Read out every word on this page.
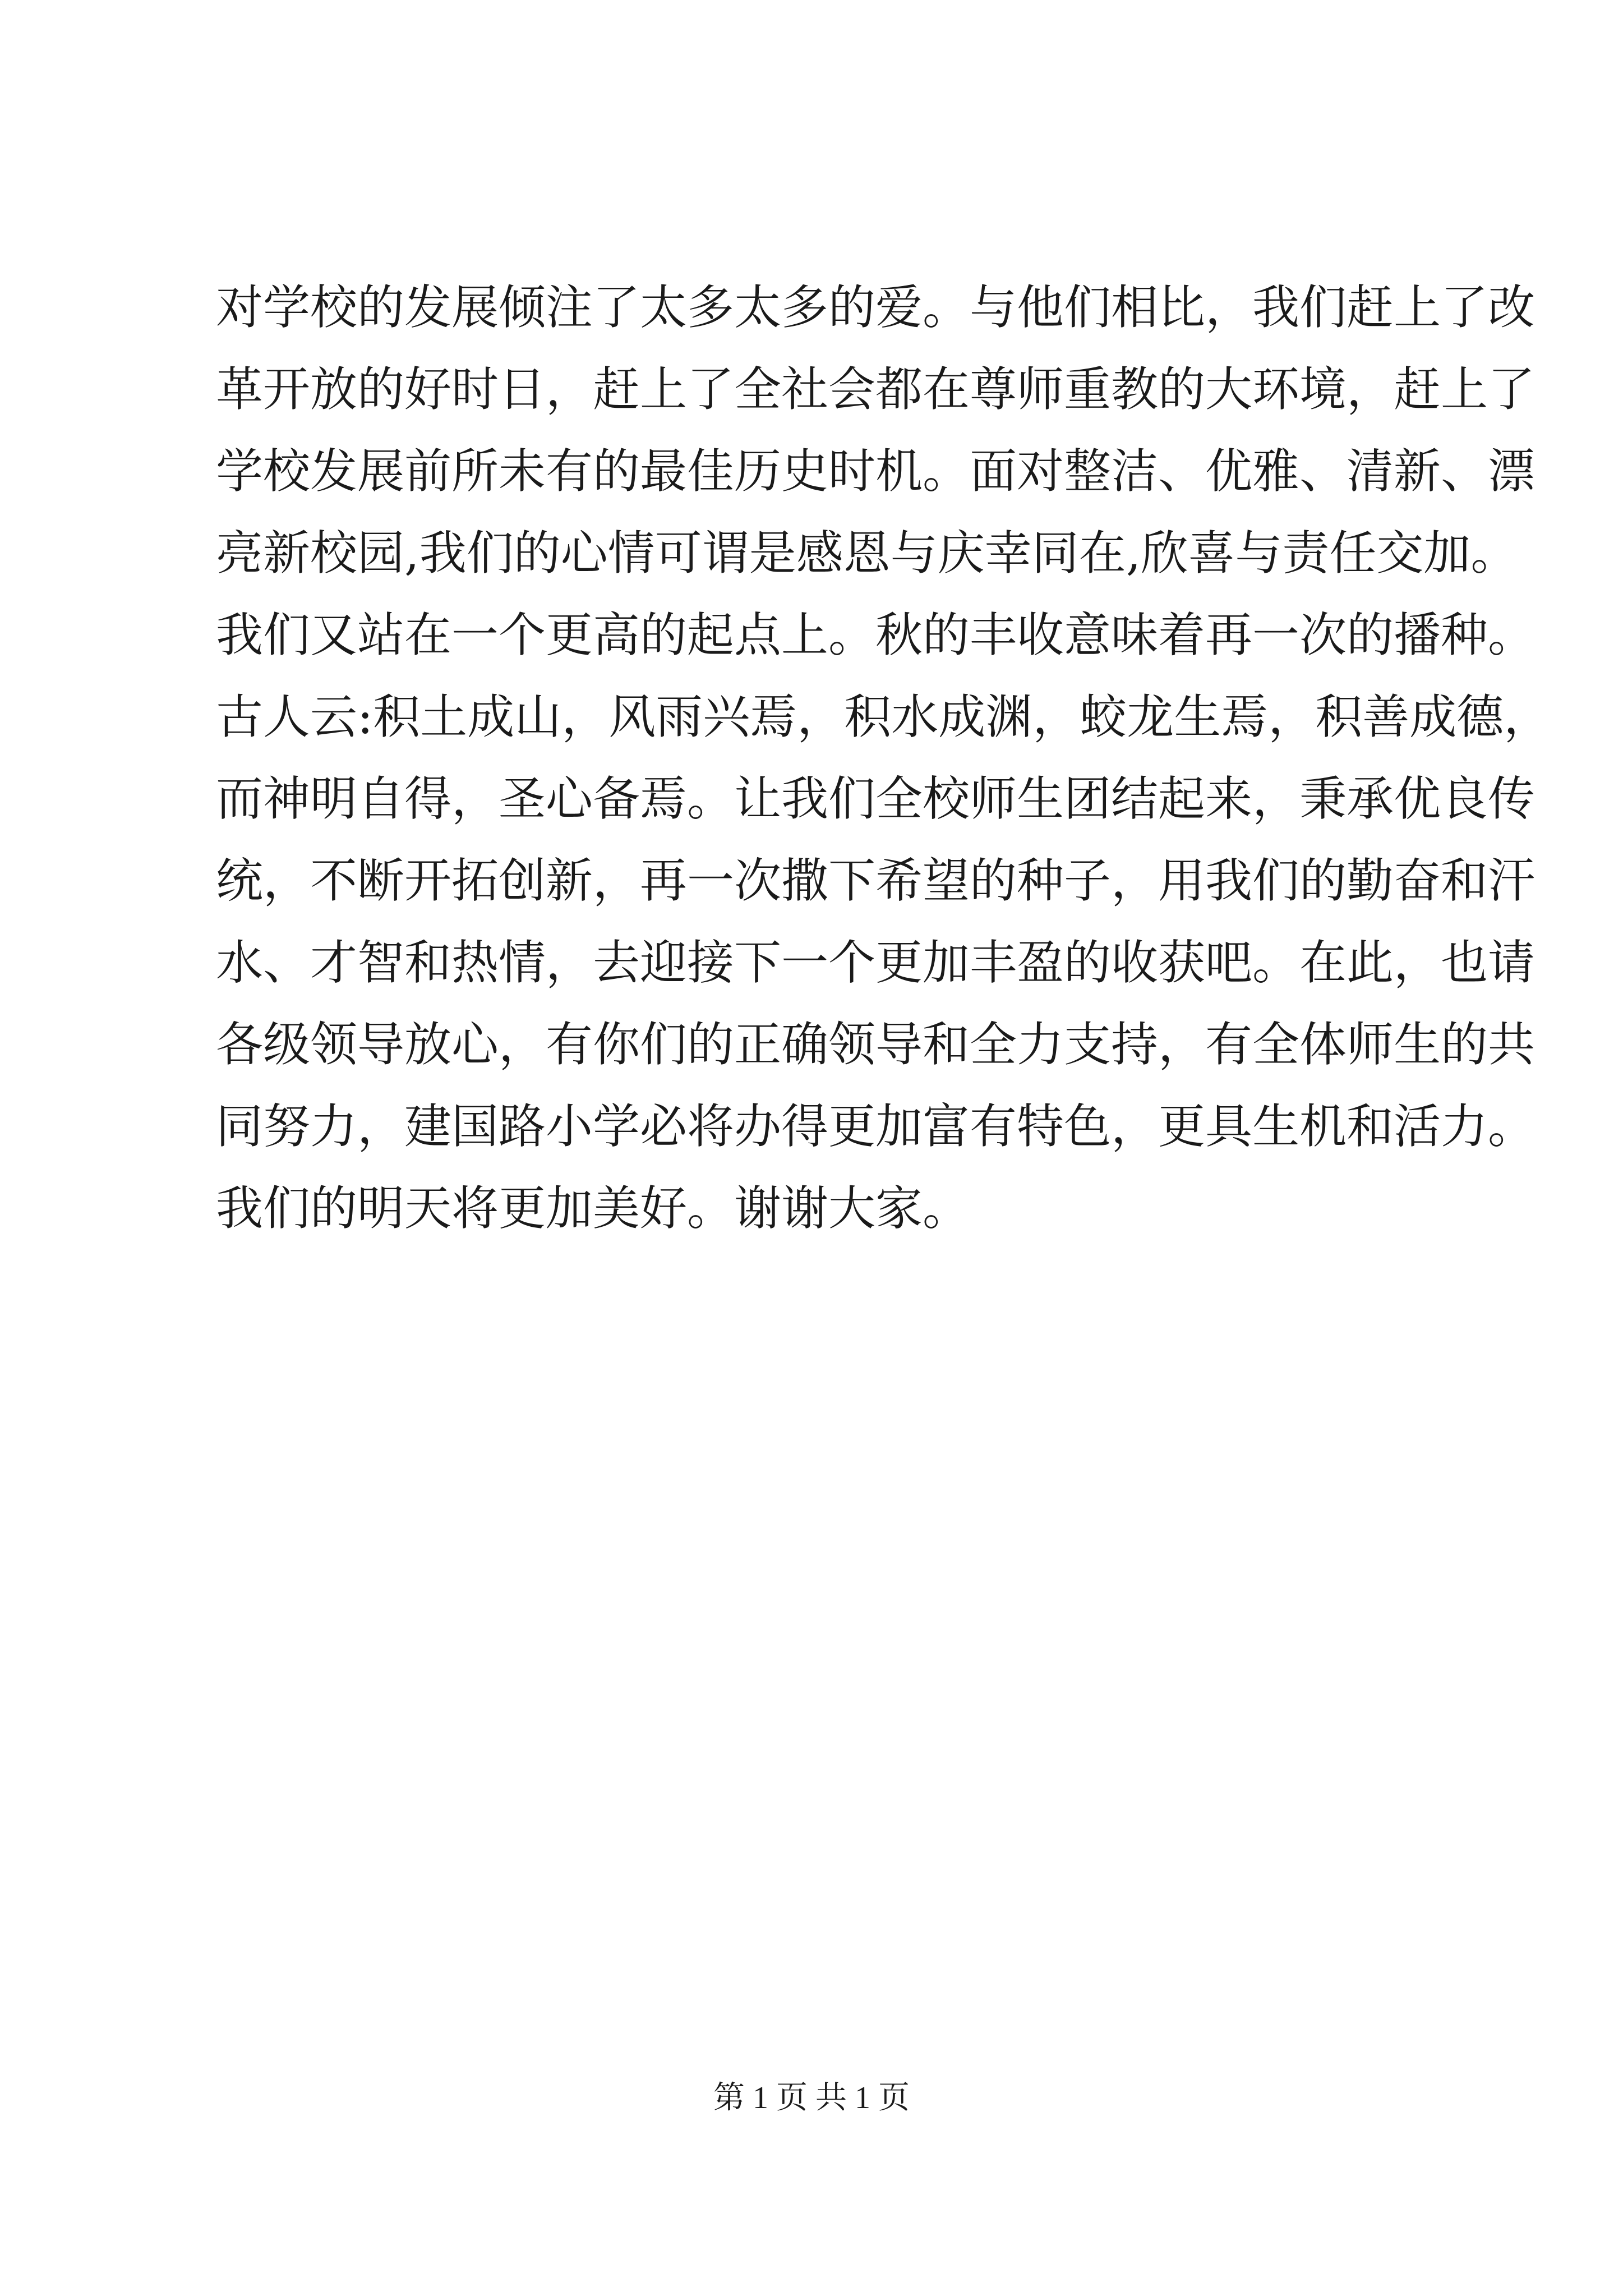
对学校的发展倾注了太多太多的爱。与他们相比，我们赶上了改
革开放的好时日，赶上了全社会都在尊师重教的大环境，赶上了
学校发展前所未有的最佳历史时机。面对整洁、优雅、清新、漂
亮新校园,我们的心情可谓是感恩与庆幸同在,欣喜与责任交加。
我们又站在一个更高的起点上。秋的丰收意味着再一次的播种。
古人云:积土成山，风雨兴焉，积水成渊，蛟龙生焉，积善成德，
而神明自得，圣心备焉。让我们全校师生团结起来，秉承优良传
统，不断开拓创新，再一次撒下希望的种子，用我们的勤奋和汗
水、才智和热情，去迎接下一个更加丰盈的收获吧。在此，也请
各级领导放心，有你们的正确领导和全力支持，有全体师生的共
同努力，建国路小学必将办得更加富有特色，更具生机和活力。
我们的明天将更加美好。谢谢大家。
第 1 页 共 1 页
